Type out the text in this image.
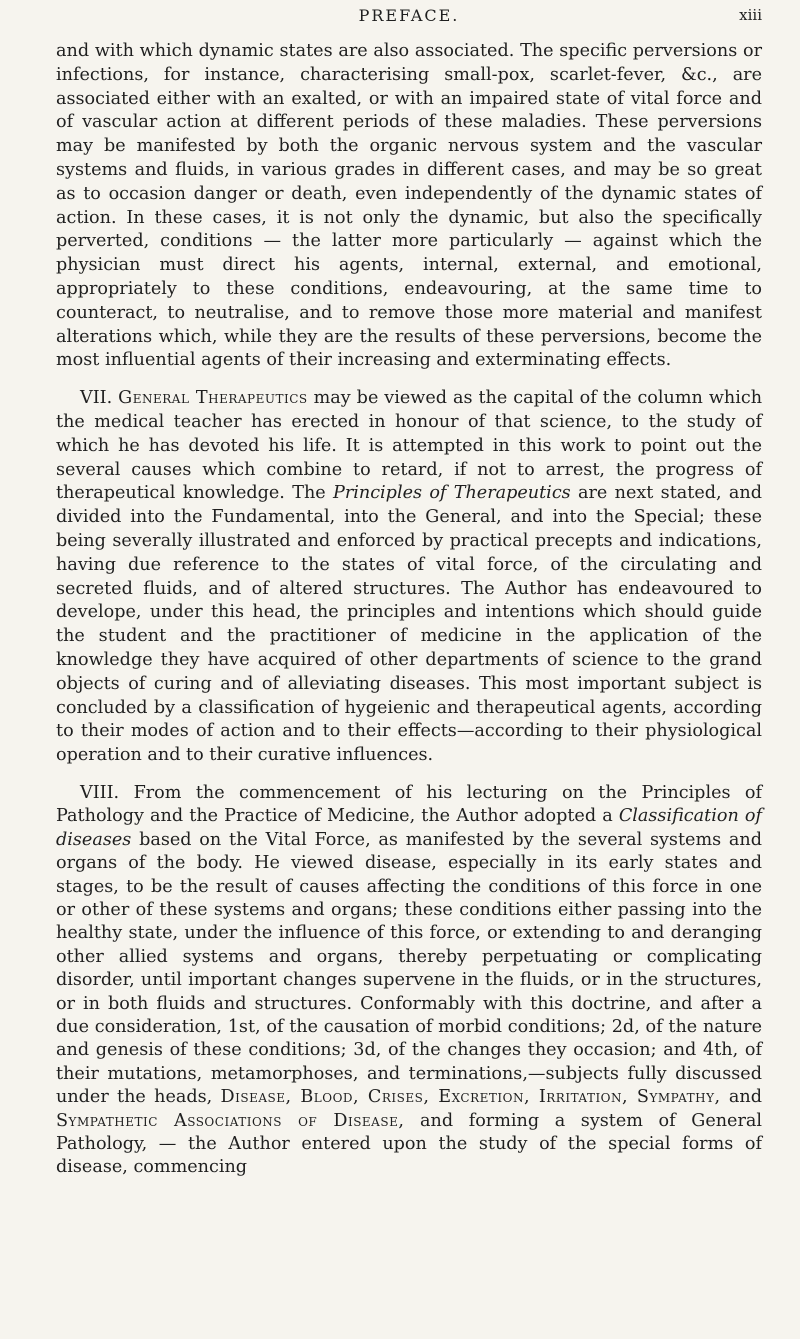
PREFACE.	xiii

and with which dynamic states are also associated. The specific perversions or infections, for instance, characterising small-pox, scarlet-fever, &c., are associated either with an exalted, or with an impaired state of vital force and of vascular action at different periods of these maladies. These perversions may be manifested by both the organic nervous system and the vascular systems and fluids, in various grades in different cases, and may be so great as to occasion danger or death, even independently of the dynamic states of action. In these cases, it is not only the dynamic, but also the specifically perverted, conditions — the latter more particularly — against which the physician must direct his agents, internal, external, and emotional, appropriately to these conditions, endeavouring, at the same time to counteract, to neutralise, and to remove those more material and manifest alterations which, while they are the results of these perversions, become the most influential agents of their increasing and exterminating effects.

VII. General Therapeutics may be viewed as the capital of the column which the medical teacher has erected in honour of that science, to the study of which he has devoted his life. It is attempted in this work to point out the several causes which combine to retard, if not to arrest, the progress of therapeutical knowledge. The Principles of Therapeutics are next stated, and divided into the Fundamental, into the General, and into the Special; these being severally illustrated and enforced by practical precepts and indications, having due reference to the states of vital force, of the circulating and secreted fluids, and of altered structures. The Author has endeavoured to develope, under this head, the principles and intentions which should guide the student and the practitioner of medicine in the application of the knowledge they have acquired of other departments of science to the grand objects of curing and of alleviating diseases. This most important subject is concluded by a classification of hygeienic and therapeutical agents, according to their modes of action and to their effects—according to their physiological operation and to their curative influences.

VIII. From the commencement of his lecturing on the Principles of Pathology and the Practice of Medicine, the Author adopted a Classification of diseases based on the Vital Force, as manifested by the several systems and organs of the body. He viewed disease, especially in its early states and stages, to be the result of causes affecting the conditions of this force in one or other of these systems and organs; these conditions either passing into the healthy state, under the influence of this force, or extending to and deranging other allied systems and organs, thereby perpetuating or complicating disorder, until important changes supervene in the fluids, or in the structures, or in both fluids and structures. Conformably with this doctrine, and after a due consideration, 1st, of the causation of morbid conditions; 2d, of the nature and genesis of these conditions; 3d, of the changes they occasion; and 4th, of their mutations, metamorphoses, and terminations,—subjects fully discussed under the heads, Disease, Blood, Crises, Excretion, Irritation, Sympathy, and Sympathetic Associations of Disease, and forming a system of General Pathology, — the Author entered upon the study of the special forms of disease, commencing
